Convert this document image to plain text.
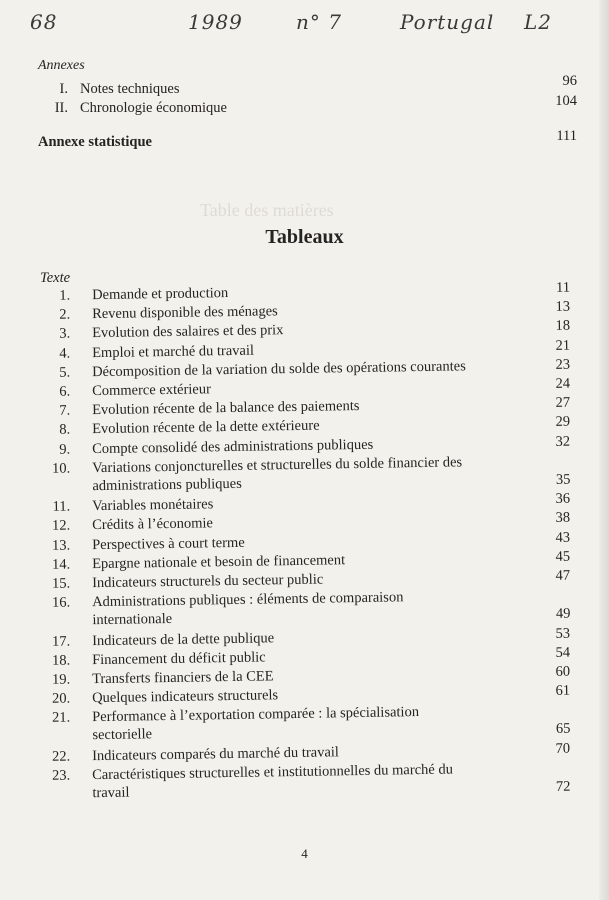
Table des matières
68	1989	n° 7	Portugal L2
Annexes
I. Notes techniques	96
II. Chronologie économique	104
Annexe statistique	111
Tableaux
Texte
1. Demande et production	11
2. Revenu disponible des ménages	13
3. Evolution des salaires et des prix	18
4. Emploi et marché du travail	21
5. Décomposition de la variation du solde des opérations courantes	23
6. Commerce extérieur	24
7. Evolution récente de la balance des paiements	27
8. Evolution récente de la dette extérieure	29
9. Compte consolidé des administrations publiques	32
10. Variations conjoncturelles et structurelles du solde financier des
administrations publiques	35
11. Variables monétaires	36
12. Crédits à l’économie	38
13. Perspectives à court terme	43
14. Epargne nationale et besoin de financement	45
15. Indicateurs structurels du secteur public	47
16. Administrations publiques : éléments de comparaison
internationale	49
17. Indicateurs de la dette publique	53
18. Financement du déficit public	54
19. Transferts financiers de la CEE	60
20. Quelques indicateurs structurels	61
21. Performance à l’exportation comparée : la spécialisation
sectorielle	65
22. Indicateurs comparés du marché du travail	70
23. Caractéristiques structurelles et institutionnelles du marché du
travail	72
4
